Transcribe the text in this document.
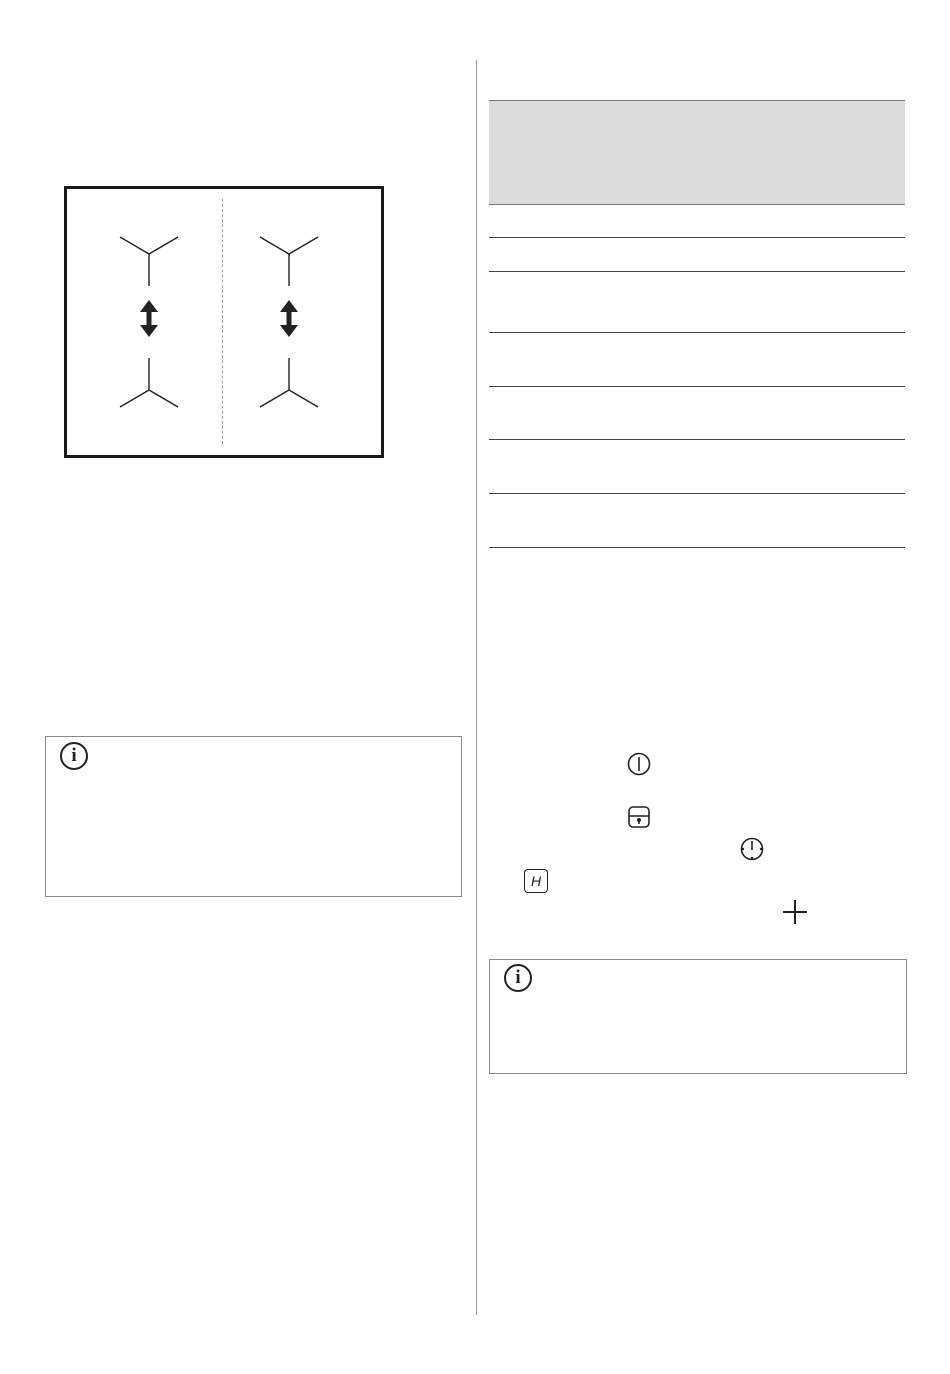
i
H
i
